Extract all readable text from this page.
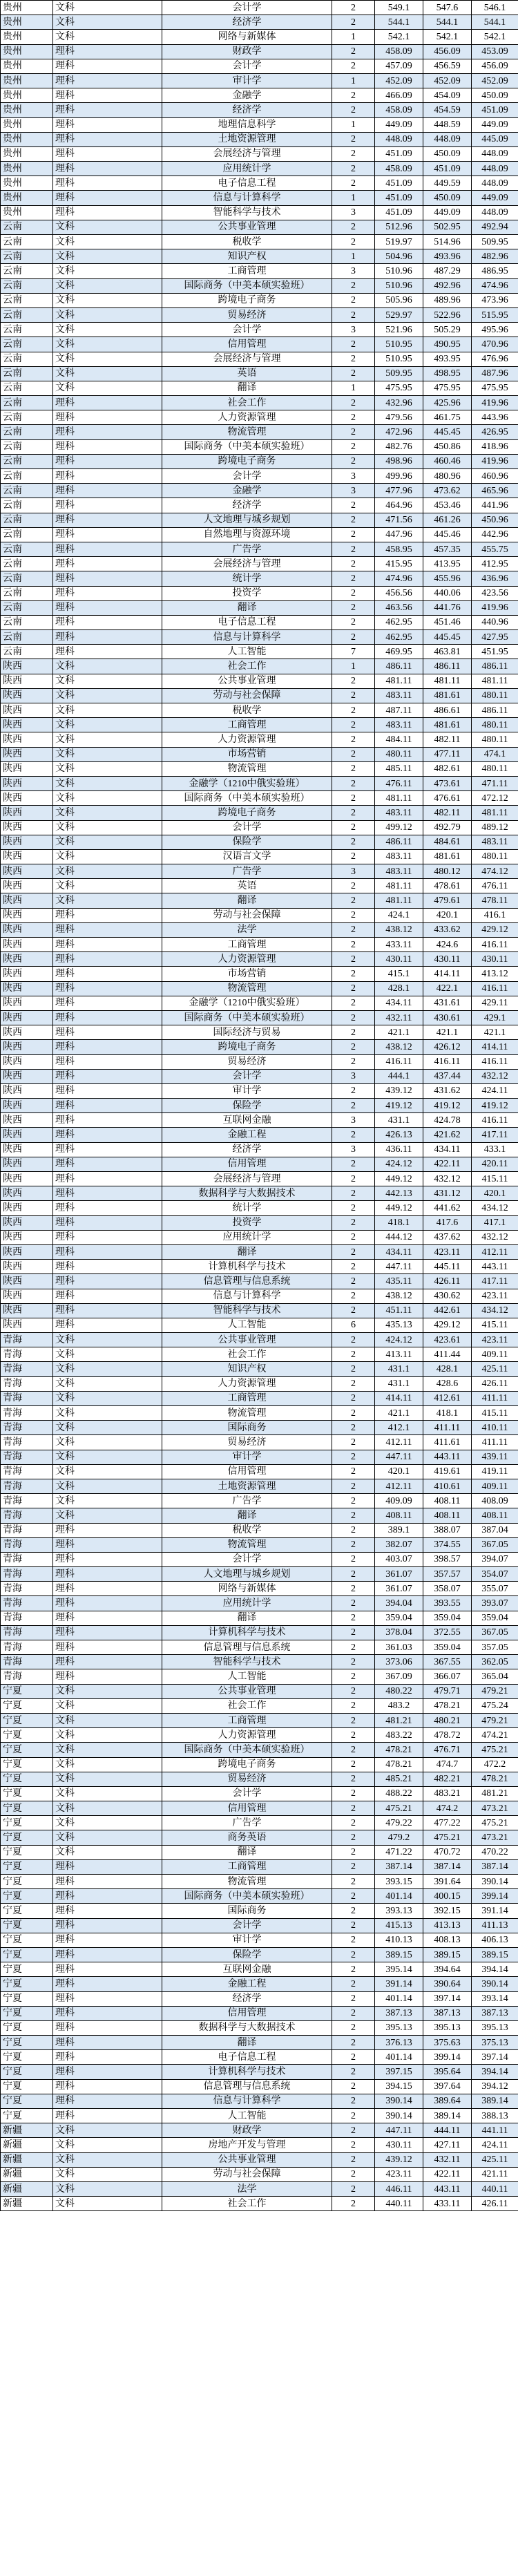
贵州	文科	会计学	2	549.1	547.6	546.1
贵州	文科	经济学	2	544.1	544.1	544.1
贵州	文科	网络与新媒体	1	542.1	542.1	542.1
贵州	理科	财政学	2	458.09	456.09	453.09
贵州	理科	会计学	2	457.09	456.59	456.09
贵州	理科	审计学	1	452.09	452.09	452.09
贵州	理科	金融学	2	466.09	454.09	450.09
贵州	理科	经济学	2	458.09	454.59	451.09
贵州	理科	地理信息科学	1	449.09	448.59	449.09
贵州	理科	土地资源管理	2	448.09	448.09	445.09
贵州	理科	会展经济与管理	2	451.09	450.09	448.09
贵州	理科	应用统计学	2	458.09	451.09	448.09
贵州	理科	电子信息工程	2	451.09	449.59	448.09
贵州	理科	信息与计算科学	1	451.09	450.09	449.09
贵州	理科	智能科学与技术	3	451.09	449.09	448.09
云南	文科	公共事业管理	2	512.96	502.95	492.94
云南	文科	税收学	2	519.97	514.96	509.95
云南	文科	知识产权	1	504.96	493.96	482.96
云南	文科	工商管理	3	510.96	487.29	486.95
云南	文科	国际商务（中美本硕实验班）	2	510.96	492.96	474.96
云南	文科	跨境电子商务	2	505.96	489.96	473.96
云南	文科	贸易经济	2	529.97	522.96	515.95
云南	文科	会计学	3	521.96	505.29	495.96
云南	文科	信用管理	2	510.95	490.95	470.96
云南	文科	会展经济与管理	2	510.95	493.95	476.96
云南	文科	英语	2	509.95	498.95	487.96
云南	文科	翻译	1	475.95	475.95	475.95
云南	理科	社会工作	2	432.96	425.96	419.96
云南	理科	人力资源管理	2	479.56	461.75	443.96
云南	理科	物流管理	2	472.96	445.45	426.95
云南	理科	国际商务（中美本硕实验班）	2	482.76	450.86	418.96
云南	理科	跨境电子商务	2	498.96	460.46	419.96
云南	理科	会计学	3	499.96	480.96	460.96
云南	理科	金融学	3	477.96	473.62	465.96
云南	理科	经济学	2	464.96	453.46	441.96
云南	理科	人文地理与城乡规划	2	471.56	461.26	450.96
云南	理科	自然地理与资源环境	2	447.96	445.46	442.96
云南	理科	广告学	2	458.95	457.35	455.75
云南	理科	会展经济与管理	2	415.95	413.95	412.95
云南	理科	统计学	2	474.96	455.96	436.96
云南	理科	投资学	2	456.56	440.06	423.56
云南	理科	翻译	2	463.56	441.76	419.96
云南	理科	电子信息工程	2	462.95	451.46	440.96
云南	理科	信息与计算科学	2	462.95	445.45	427.95
云南	理科	人工智能	7	469.95	463.81	451.95
陕西	文科	社会工作	1	486.11	486.11	486.11
陕西	文科	公共事业管理	2	481.11	481.11	481.11
陕西	文科	劳动与社会保障	2	483.11	481.61	480.11
陕西	文科	税收学	2	487.11	486.61	486.11
陕西	文科	工商管理	2	483.11	481.61	480.11
陕西	文科	人力资源管理	2	484.11	482.11	480.11
陕西	文科	市场营销	2	480.11	477.11	474.1
陕西	文科	物流管理	2	485.11	482.61	480.11
陕西	文科	金融学（1210中俄实验班）	2	476.11	473.61	471.11
陕西	文科	国际商务（中美本硕实验班）	2	481.11	476.61	472.12
陕西	文科	跨境电子商务	2	483.11	482.11	481.11
陕西	文科	会计学	2	499.12	492.79	489.12
陕西	文科	保险学	2	486.11	484.61	483.11
陕西	文科	汉语言文学	2	483.11	481.61	480.11
陕西	文科	广告学	3	483.11	480.12	474.12
陕西	文科	英语	2	481.11	478.61	476.11
陕西	文科	翻译	2	481.11	479.61	478.11
陕西	理科	劳动与社会保障	2	424.1	420.1	416.1
陕西	理科	法学	2	438.12	433.62	429.12
陕西	理科	工商管理	2	433.11	424.6	416.11
陕西	理科	人力资源管理	2	430.11	430.11	430.11
陕西	理科	市场营销	2	415.1	414.11	413.12
陕西	理科	物流管理	2	428.1	422.1	416.11
陕西	理科	金融学（1210中俄实验班）	2	434.11	431.61	429.11
陕西	理科	国际商务（中美本硕实验班）	2	432.11	430.61	429.1
陕西	理科	国际经济与贸易	2	421.1	421.1	421.1
陕西	理科	跨境电子商务	2	438.12	426.12	414.11
陕西	理科	贸易经济	2	416.11	416.11	416.11
陕西	理科	会计学	3	444.1	437.44	432.12
陕西	理科	审计学	2	439.12	431.62	424.11
陕西	理科	保险学	2	419.12	419.12	419.12
陕西	理科	互联网金融	3	431.1	424.78	416.11
陕西	理科	金融工程	2	426.13	421.62	417.11
陕西	理科	经济学	3	436.11	434.11	433.1
陕西	理科	信用管理	2	424.12	422.11	420.11
陕西	理科	会展经济与管理	2	449.12	432.12	415.11
陕西	理科	数据科学与大数据技术	2	442.13	431.12	420.1
陕西	理科	统计学	2	449.12	441.62	434.12
陕西	理科	投资学	2	418.1	417.6	417.1
陕西	理科	应用统计学	2	444.12	437.62	432.12
陕西	理科	翻译	2	434.11	423.11	412.11
陕西	理科	计算机科学与技术	2	447.11	445.11	443.11
陕西	理科	信息管理与信息系统	2	435.11	426.11	417.11
陕西	理科	信息与计算科学	2	438.12	430.62	423.11
陕西	理科	智能科学与技术	2	451.11	442.61	434.12
陕西	理科	人工智能	6	435.13	429.12	415.11
青海	文科	公共事业管理	2	424.12	423.61	423.11
青海	文科	社会工作	2	413.11	411.44	409.11
青海	文科	知识产权	2	431.1	428.1	425.11
青海	文科	人力资源管理	2	431.1	428.6	426.11
青海	文科	工商管理	2	414.11	412.61	411.11
青海	文科	物流管理	2	421.1	418.1	415.11
青海	文科	国际商务	2	412.1	411.11	410.11
青海	文科	贸易经济	2	412.11	411.61	411.11
青海	文科	审计学	2	447.11	443.11	439.11
青海	文科	信用管理	2	420.1	419.61	419.11
青海	文科	土地资源管理	2	412.11	410.61	409.11
青海	文科	广告学	2	409.09	408.11	408.09
青海	文科	翻译	2	408.11	408.11	408.11
青海	理科	税收学	2	389.1	388.07	387.04
青海	理科	物流管理	2	382.07	374.55	367.05
青海	理科	会计学	2	403.07	398.57	394.07
青海	理科	人文地理与城乡规划	2	361.07	357.57	354.07
青海	理科	网络与新媒体	2	361.07	358.07	355.07
青海	理科	应用统计学	2	394.04	393.55	393.07
青海	理科	翻译	2	359.04	359.04	359.04
青海	理科	计算机科学与技术	2	378.04	372.55	367.05
青海	理科	信息管理与信息系统	2	361.03	359.04	357.05
青海	理科	智能科学与技术	2	373.06	367.55	362.05
青海	理科	人工智能	2	367.09	366.07	365.04
宁夏	文科	公共事业管理	2	480.22	479.71	479.21
宁夏	文科	社会工作	2	483.2	478.21	475.24
宁夏	文科	工商管理	2	481.21	480.21	479.21
宁夏	文科	人力资源管理	2	483.22	478.72	474.21
宁夏	文科	国际商务（中美本硕实验班）	2	478.21	476.71	475.21
宁夏	文科	跨境电子商务	2	478.21	474.7	472.2
宁夏	文科	贸易经济	2	485.21	482.21	478.21
宁夏	文科	会计学	2	488.22	483.21	481.21
宁夏	文科	信用管理	2	475.21	474.2	473.21
宁夏	文科	广告学	2	479.22	477.22	475.21
宁夏	文科	商务英语	2	479.2	475.21	473.21
宁夏	文科	翻译	2	471.22	470.72	470.22
宁夏	理科	工商管理	2	387.14	387.14	387.14
宁夏	理科	物流管理	2	393.15	391.64	390.14
宁夏	理科	国际商务（中美本硕实验班）	2	401.14	400.15	399.14
宁夏	理科	国际商务	2	393.13	392.15	391.14
宁夏	理科	会计学	2	415.13	413.13	411.13
宁夏	理科	审计学	2	410.13	408.13	406.13
宁夏	理科	保险学	2	389.15	389.15	389.15
宁夏	理科	互联网金融	2	395.14	394.64	394.14
宁夏	理科	金融工程	2	391.14	390.64	390.14
宁夏	理科	经济学	2	401.14	397.14	393.14
宁夏	理科	信用管理	2	387.13	387.13	387.13
宁夏	理科	数据科学与大数据技术	2	395.13	395.13	395.13
宁夏	理科	翻译	2	376.13	375.63	375.13
宁夏	理科	电子信息工程	2	401.14	399.14	397.14
宁夏	理科	计算机科学与技术	2	397.15	395.64	394.14
宁夏	理科	信息管理与信息系统	2	394.15	397.64	394.12
宁夏	理科	信息与计算科学	2	390.14	389.64	389.14
宁夏	理科	人工智能	2	390.14	389.14	388.13
新疆	文科	财政学	2	447.11	444.11	441.11
新疆	文科	房地产开发与管理	2	430.11	427.11	424.11
新疆	文科	公共事业管理	2	439.12	432.11	425.11
新疆	文科	劳动与社会保障	2	423.11	422.11	421.11
新疆	文科	法学	2	446.11	443.11	440.11
新疆	文科	社会工作	2	440.11	433.11	426.11
